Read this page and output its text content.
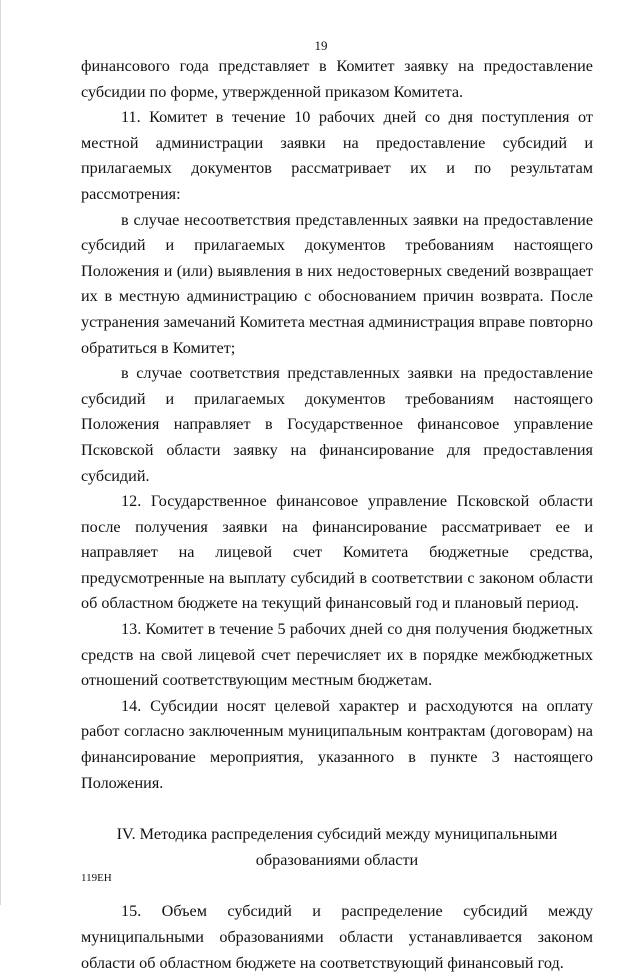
19

финансового года представляет в Комитет заявку на предоставление субсидии по форме, утвержденной приказом Комитета.

11. Комитет в течение 10 рабочих дней со дня поступления от местной администрации заявки на предоставление субсидий и прилагаемых документов рассматривает их и по результатам рассмотрения:

в случае несоответствия представленных заявки на предоставление субсидий и прилагаемых документов требованиям настоящего Положения и (или) выявления в них недостоверных сведений возвращает их в местную администрацию с обоснованием причин возврата. После устранения замечаний Комитета местная администрация вправе повторно обратиться в Комитет;

в случае соответствия представленных заявки на предоставление субсидий и прилагаемых документов требованиям настоящего Положения направляет в Государственное финансовое управление Псковской области заявку на финансирование для предоставления субсидий.

12. Государственное финансовое управление Псковской области после получения заявки на финансирование рассматривает ее и направляет на лицевой счет Комитета бюджетные средства, предусмотренные на выплату субсидий в соответствии с законом области об областном бюджете на текущий финансовый год и плановый период.

13. Комитет в течение 5 рабочих дней со дня получения бюджетных средств на свой лицевой счет перечисляет их в порядке межбюджетных отношений соответствующим местным бюджетам.

14. Субсидии носят целевой характер и расходуются на оплату работ согласно заключенным муниципальным контрактам (договорам) на финансирование мероприятия, указанного в пункте 3 настоящего Положения.

IV. Методика распределения субсидий между муниципальными образованиями области

15. Объем субсидий и распределение субсидий между муниципальными образованиями области устанавливается законом области об областном бюджете на соответствующий финансовый год.

119ЕН
